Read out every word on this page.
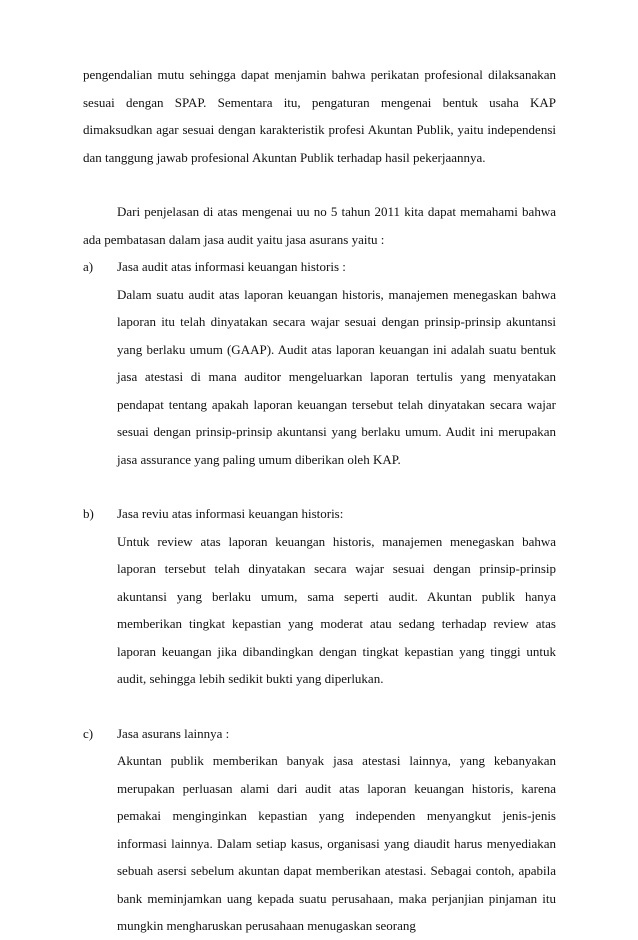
pengendalian mutu sehingga dapat menjamin bahwa perikatan profesional dilaksanakan sesuai dengan SPAP. Sementara itu, pengaturan mengenai bentuk usaha KAP dimaksudkan agar sesuai dengan karakteristik profesi Akuntan Publik, yaitu independensi dan tanggung jawab profesional Akuntan Publik terhadap hasil pekerjaannya.

Dari penjelasan di atas mengenai uu no 5 tahun 2011 kita dapat memahami bahwa ada pembatasan dalam jasa audit yaitu jasa asurans yaitu :

a) Jasa audit atas informasi keuangan historis :

Dalam suatu audit atas laporan keuangan historis, manajemen menegaskan bahwa laporan itu telah dinyatakan secara wajar sesuai dengan prinsip-prinsip akuntansi yang berlaku umum (GAAP). Audit atas laporan keuangan ini adalah suatu bentuk jasa atestasi di mana auditor mengeluarkan laporan tertulis yang menyatakan pendapat tentang apakah laporan keuangan tersebut telah dinyatakan secara wajar sesuai dengan prinsip-prinsip akuntansi yang berlaku umum. Audit ini merupakan jasa assurance yang paling umum diberikan oleh KAP.

b) Jasa reviu atas informasi keuangan historis:

Untuk review atas laporan keuangan historis, manajemen menegaskan bahwa laporan tersebut telah dinyatakan secara wajar sesuai dengan prinsip-prinsip akuntansi yang berlaku umum, sama seperti audit. Akuntan publik hanya memberikan tingkat kepastian yang moderat atau sedang terhadap review atas laporan keuangan jika dibandingkan dengan tingkat kepastian yang tinggi untuk audit, sehingga lebih sedikit bukti yang diperlukan.

c) Jasa asurans lainnya :

Akuntan publik memberikan banyak jasa atestasi lainnya, yang kebanyakan merupakan perluasan alami dari audit atas laporan keuangan historis, karena pemakai menginginkan kepastian yang independen menyangkut jenis-jenis informasi lainnya. Dalam setiap kasus, organisasi yang diaudit harus menyediakan sebuah asersi sebelum akuntan dapat memberikan atestasi. Sebagai contoh, apabila bank meminjamkan uang kepada suatu perusahaan, maka perjanjian pinjaman itu mungkin mengharuskan perusahaan menugaskan seorang
